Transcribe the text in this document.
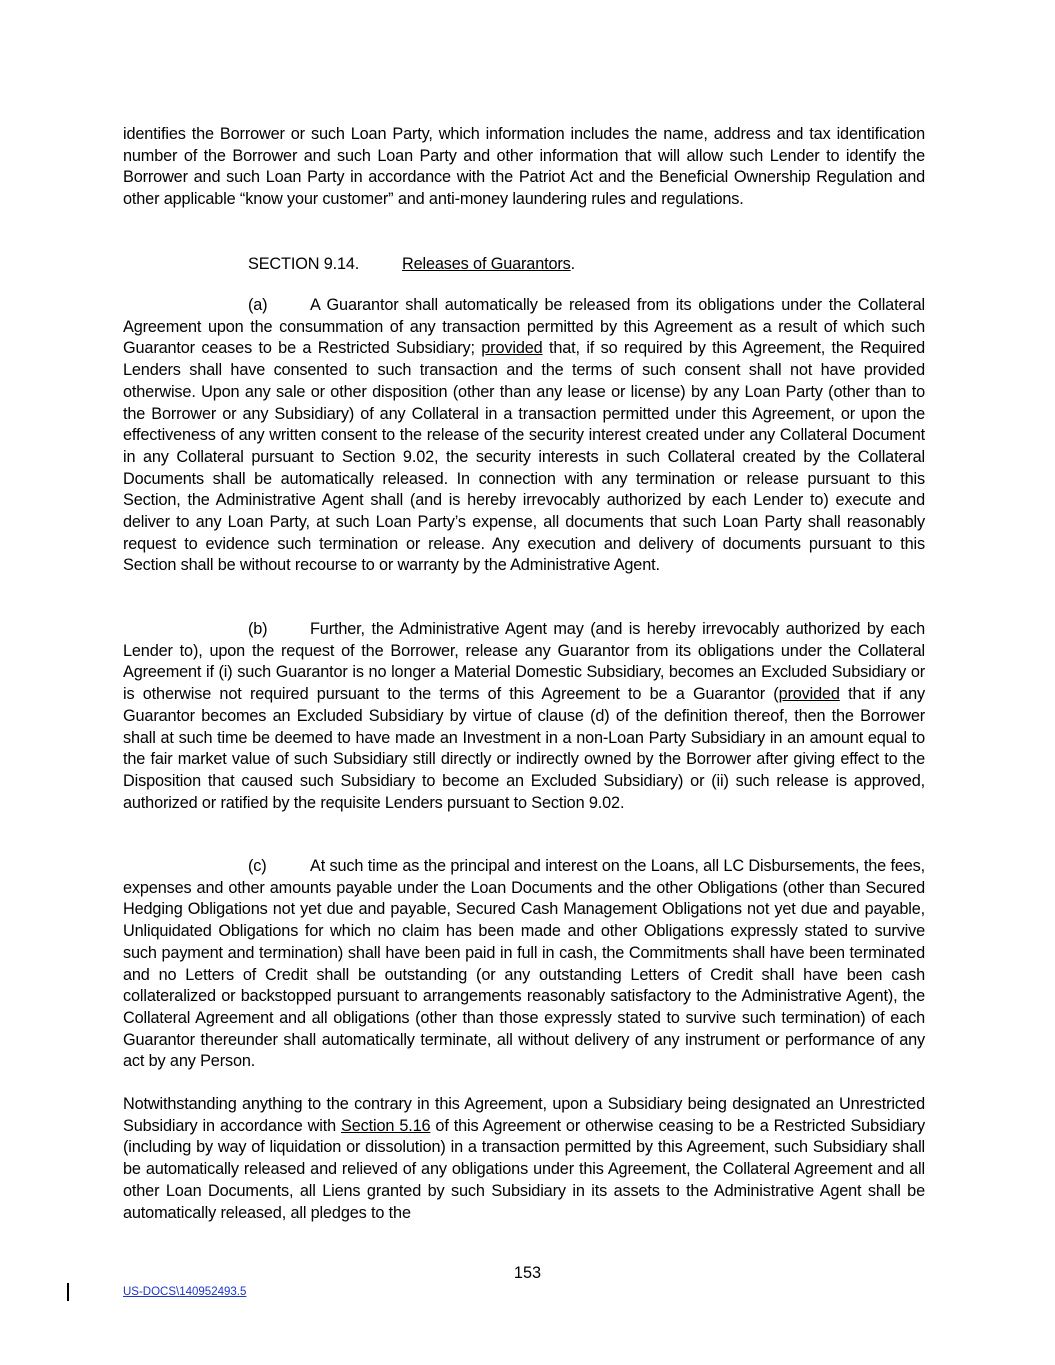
identifies the Borrower or such Loan Party, which information includes the name, address and tax identification number of the Borrower and such Loan Party and other information that will allow such Lender to identify the Borrower and such Loan Party in accordance with the Patriot Act and the Beneficial Ownership Regulation and other applicable “know your customer” and anti-money laundering rules and regulations.
SECTION 9.14.	Releases of Guarantors.
(a)	A Guarantor shall automatically be released from its obligations under the Collateral Agreement upon the consummation of any transaction permitted by this Agreement as a result of which such Guarantor ceases to be a Restricted Subsidiary; provided that, if so required by this Agreement, the Required Lenders shall have consented to such transaction and the terms of such consent shall not have provided otherwise. Upon any sale or other disposition (other than any lease or license) by any Loan Party (other than to the Borrower or any Subsidiary) of any Collateral in a transaction permitted under this Agreement, or upon the effectiveness of any written consent to the release of the security interest created under any Collateral Document in any Collateral pursuant to Section 9.02, the security interests in such Collateral created by the Collateral Documents shall be automatically released. In connection with any termination or release pursuant to this Section, the Administrative Agent shall (and is hereby irrevocably authorized by each Lender to) execute and deliver to any Loan Party, at such Loan Party’s expense, all documents that such Loan Party shall reasonably request to evidence such termination or release. Any execution and delivery of documents pursuant to this Section shall be without recourse to or warranty by the Administrative Agent.
(b)	Further, the Administrative Agent may (and is hereby irrevocably authorized by each Lender to), upon the request of the Borrower, release any Guarantor from its obligations under the Collateral Agreement if (i) such Guarantor is no longer a Material Domestic Subsidiary, becomes an Excluded Subsidiary or is otherwise not required pursuant to the terms of this Agreement to be a Guarantor (provided that if any Guarantor becomes an Excluded Subsidiary by virtue of clause (d) of the definition thereof, then the Borrower shall at such time be deemed to have made an Investment in a non-Loan Party Subsidiary in an amount equal to the fair market value of such Subsidiary still directly or indirectly owned by the Borrower after giving effect to the Disposition that caused such Subsidiary to become an Excluded Subsidiary) or (ii) such release is approved, authorized or ratified by the requisite Lenders pursuant to Section 9.02.
(c)	At such time as the principal and interest on the Loans, all LC Disbursements, the fees, expenses and other amounts payable under the Loan Documents and the other Obligations (other than Secured Hedging Obligations not yet due and payable, Secured Cash Management Obligations not yet due and payable, Unliquidated Obligations for which no claim has been made and other Obligations expressly stated to survive such payment and termination) shall have been paid in full in cash, the Commitments shall have been terminated and no Letters of Credit shall be outstanding (or any outstanding Letters of Credit shall have been cash collateralized or backstopped pursuant to arrangements reasonably satisfactory to the Administrative Agent), the Collateral Agreement and all obligations (other than those expressly stated to survive such termination) of each Guarantor thereunder shall automatically terminate, all without delivery of any instrument or performance of any act by any Person.
Notwithstanding anything to the contrary in this Agreement, upon a Subsidiary being designated an Unrestricted Subsidiary in accordance with Section 5.16 of this Agreement or otherwise ceasing to be a Restricted Subsidiary (including by way of liquidation or dissolution) in a transaction permitted by this Agreement, such Subsidiary shall be automatically released and relieved of any obligations under this Agreement, the Collateral Agreement and all other Loan Documents, all Liens granted by such Subsidiary in its assets to the Administrative Agent shall be automatically released, all pledges to the
153
US-DOCS\140952493.5
